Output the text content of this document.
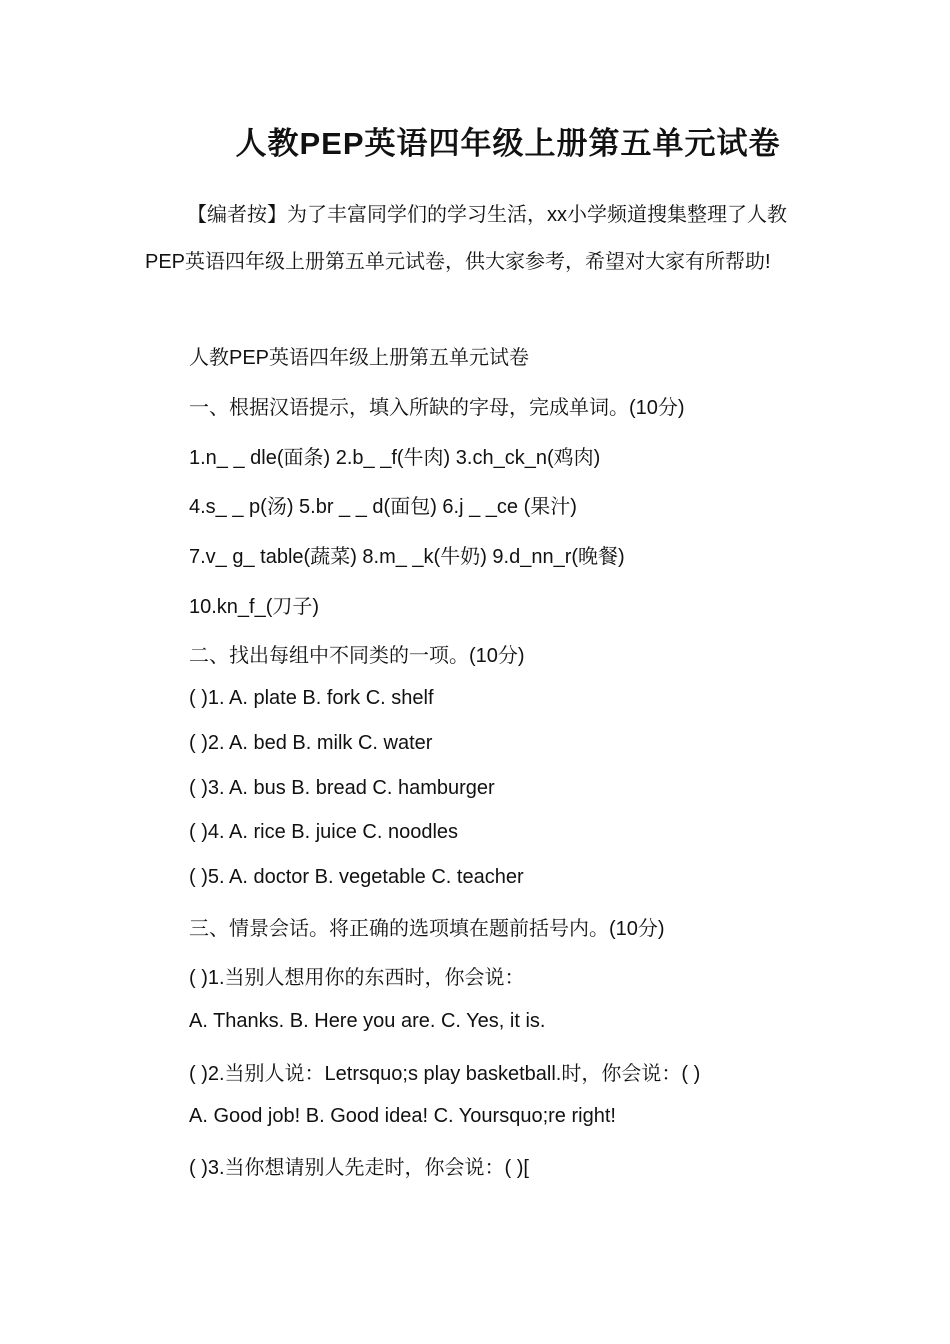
人教PEP英语四年级上册第五单元试卷

【编者按】为了丰富同学们的学习生活，xx小学频道搜集整理了人教PEP英语四年级上册第五单元试卷，供大家参考，希望对大家有所帮助!

人教PEP英语四年级上册第五单元试卷

一、根据汉语提示，填入所缺的字母，完成单词。(10分)

1.n_ _ dle(面条) 2.b_ _f(牛肉) 3.ch_ck_n(鸡肉)

4.s_ _ p(汤) 5.br _ _ d(面包) 6.j _ _ce (果汁)

7.v_ g_ table(蔬菜) 8.m_ _k(牛奶) 9.d_nn_r(晚餐)

10.kn_f_(刀子)

二、找出每组中不同类的一项。(10分)

( )1. A. plate B. fork C. shelf

( )2. A. bed B. milk C. water

( )3. A. bus B. bread C. hamburger

( )4. A. rice B. juice C. noodles

( )5. A. doctor B. vegetable C. teacher

三、情景会话。将正确的选项填在题前括号内。(10分)

( )1.当别人想用你的东西时，你会说：

A. Thanks. B. Here you are. C. Yes, it is.

( )2.当别人说：Letrsquo;s play basketball.时，你会说：( )

A. Good job! B. Good idea! C. Yoursquo;re right!

( )3.当你想请别人先走时，你会说：( )[
